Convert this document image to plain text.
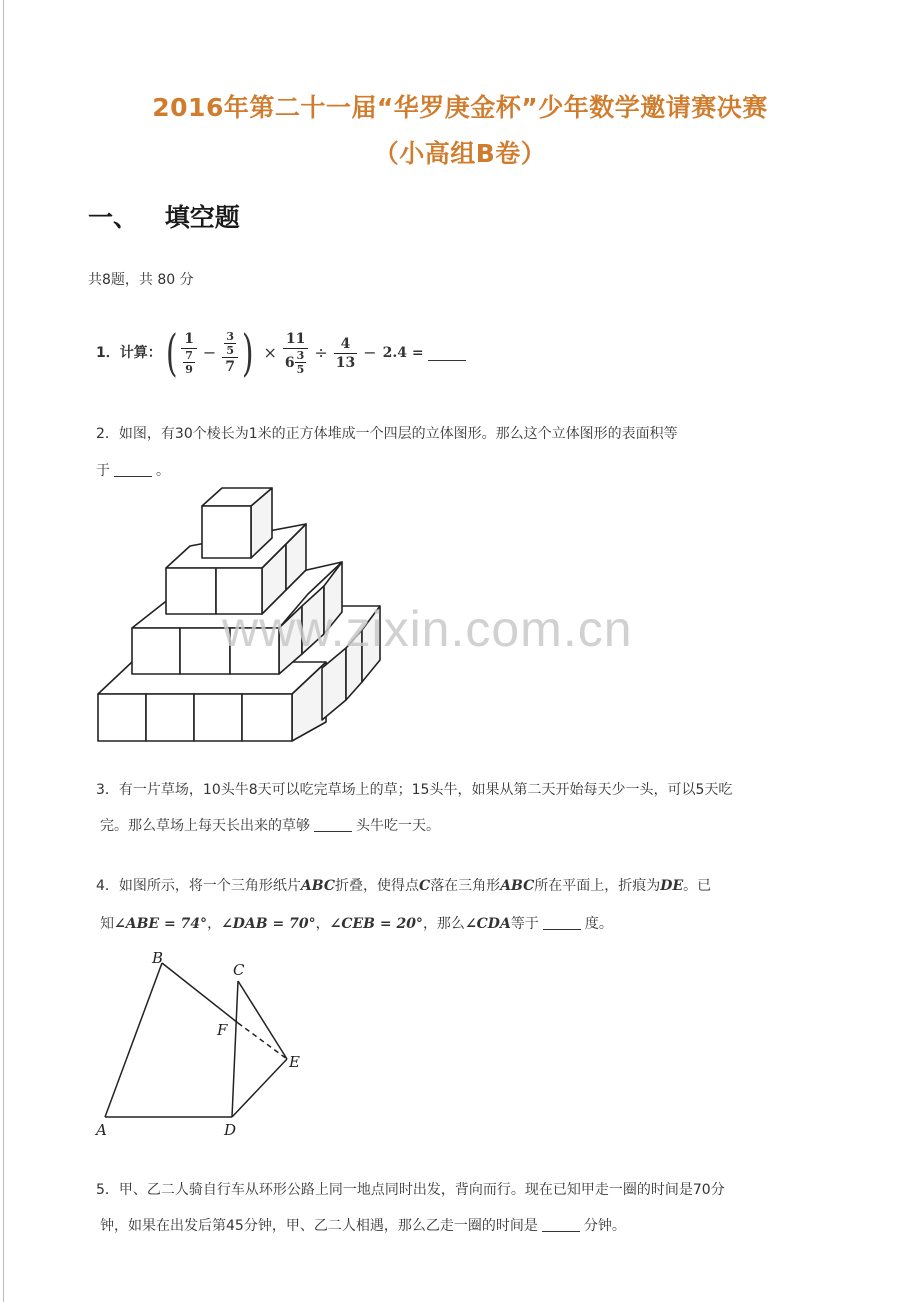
2016年第二十一届“华罗庚金杯”少年数学邀请赛决赛
（小高组B卷）
一、 填空题
共8题，共 80 分
1．计算： ( $\frac{1}{\frac{7}{9}} - \frac{\frac{3}{5}}{7}$ ) × $\frac{11}{6 \frac{3}{5}} \div \frac{4}{13} - 2.4$ =
2．如图，有30个棱长为1米的正方体堆成一个四层的立体图形。那么这个立体图形的表面积等
于	。
www.zixin.com.cn
3．有一片草场，10头牛8天可以吃完草场上的草；15头牛，如果从第二天开始每天少一头，可以5天吃
完。那么草场上每天长出来的草够	头牛吃一天。
4．如图所示，将一个三角形纸片ABC折叠，使得点C落在三角形ABC所在平面上，折痕为DE。已
知∠ABE = 74°，∠DAB = 70°，∠CEB = 20°，那么∠CDA等于	度。
B
C
F
E
A	D
5．甲、乙二人骑自行车从环形公路上同一地点同时出发，背向而行。现在已知甲走一圈的时间是70分
钟，如果在出发后第45分钟，甲、乙二人相遇，那么乙走一圈的时间是	分钟。
